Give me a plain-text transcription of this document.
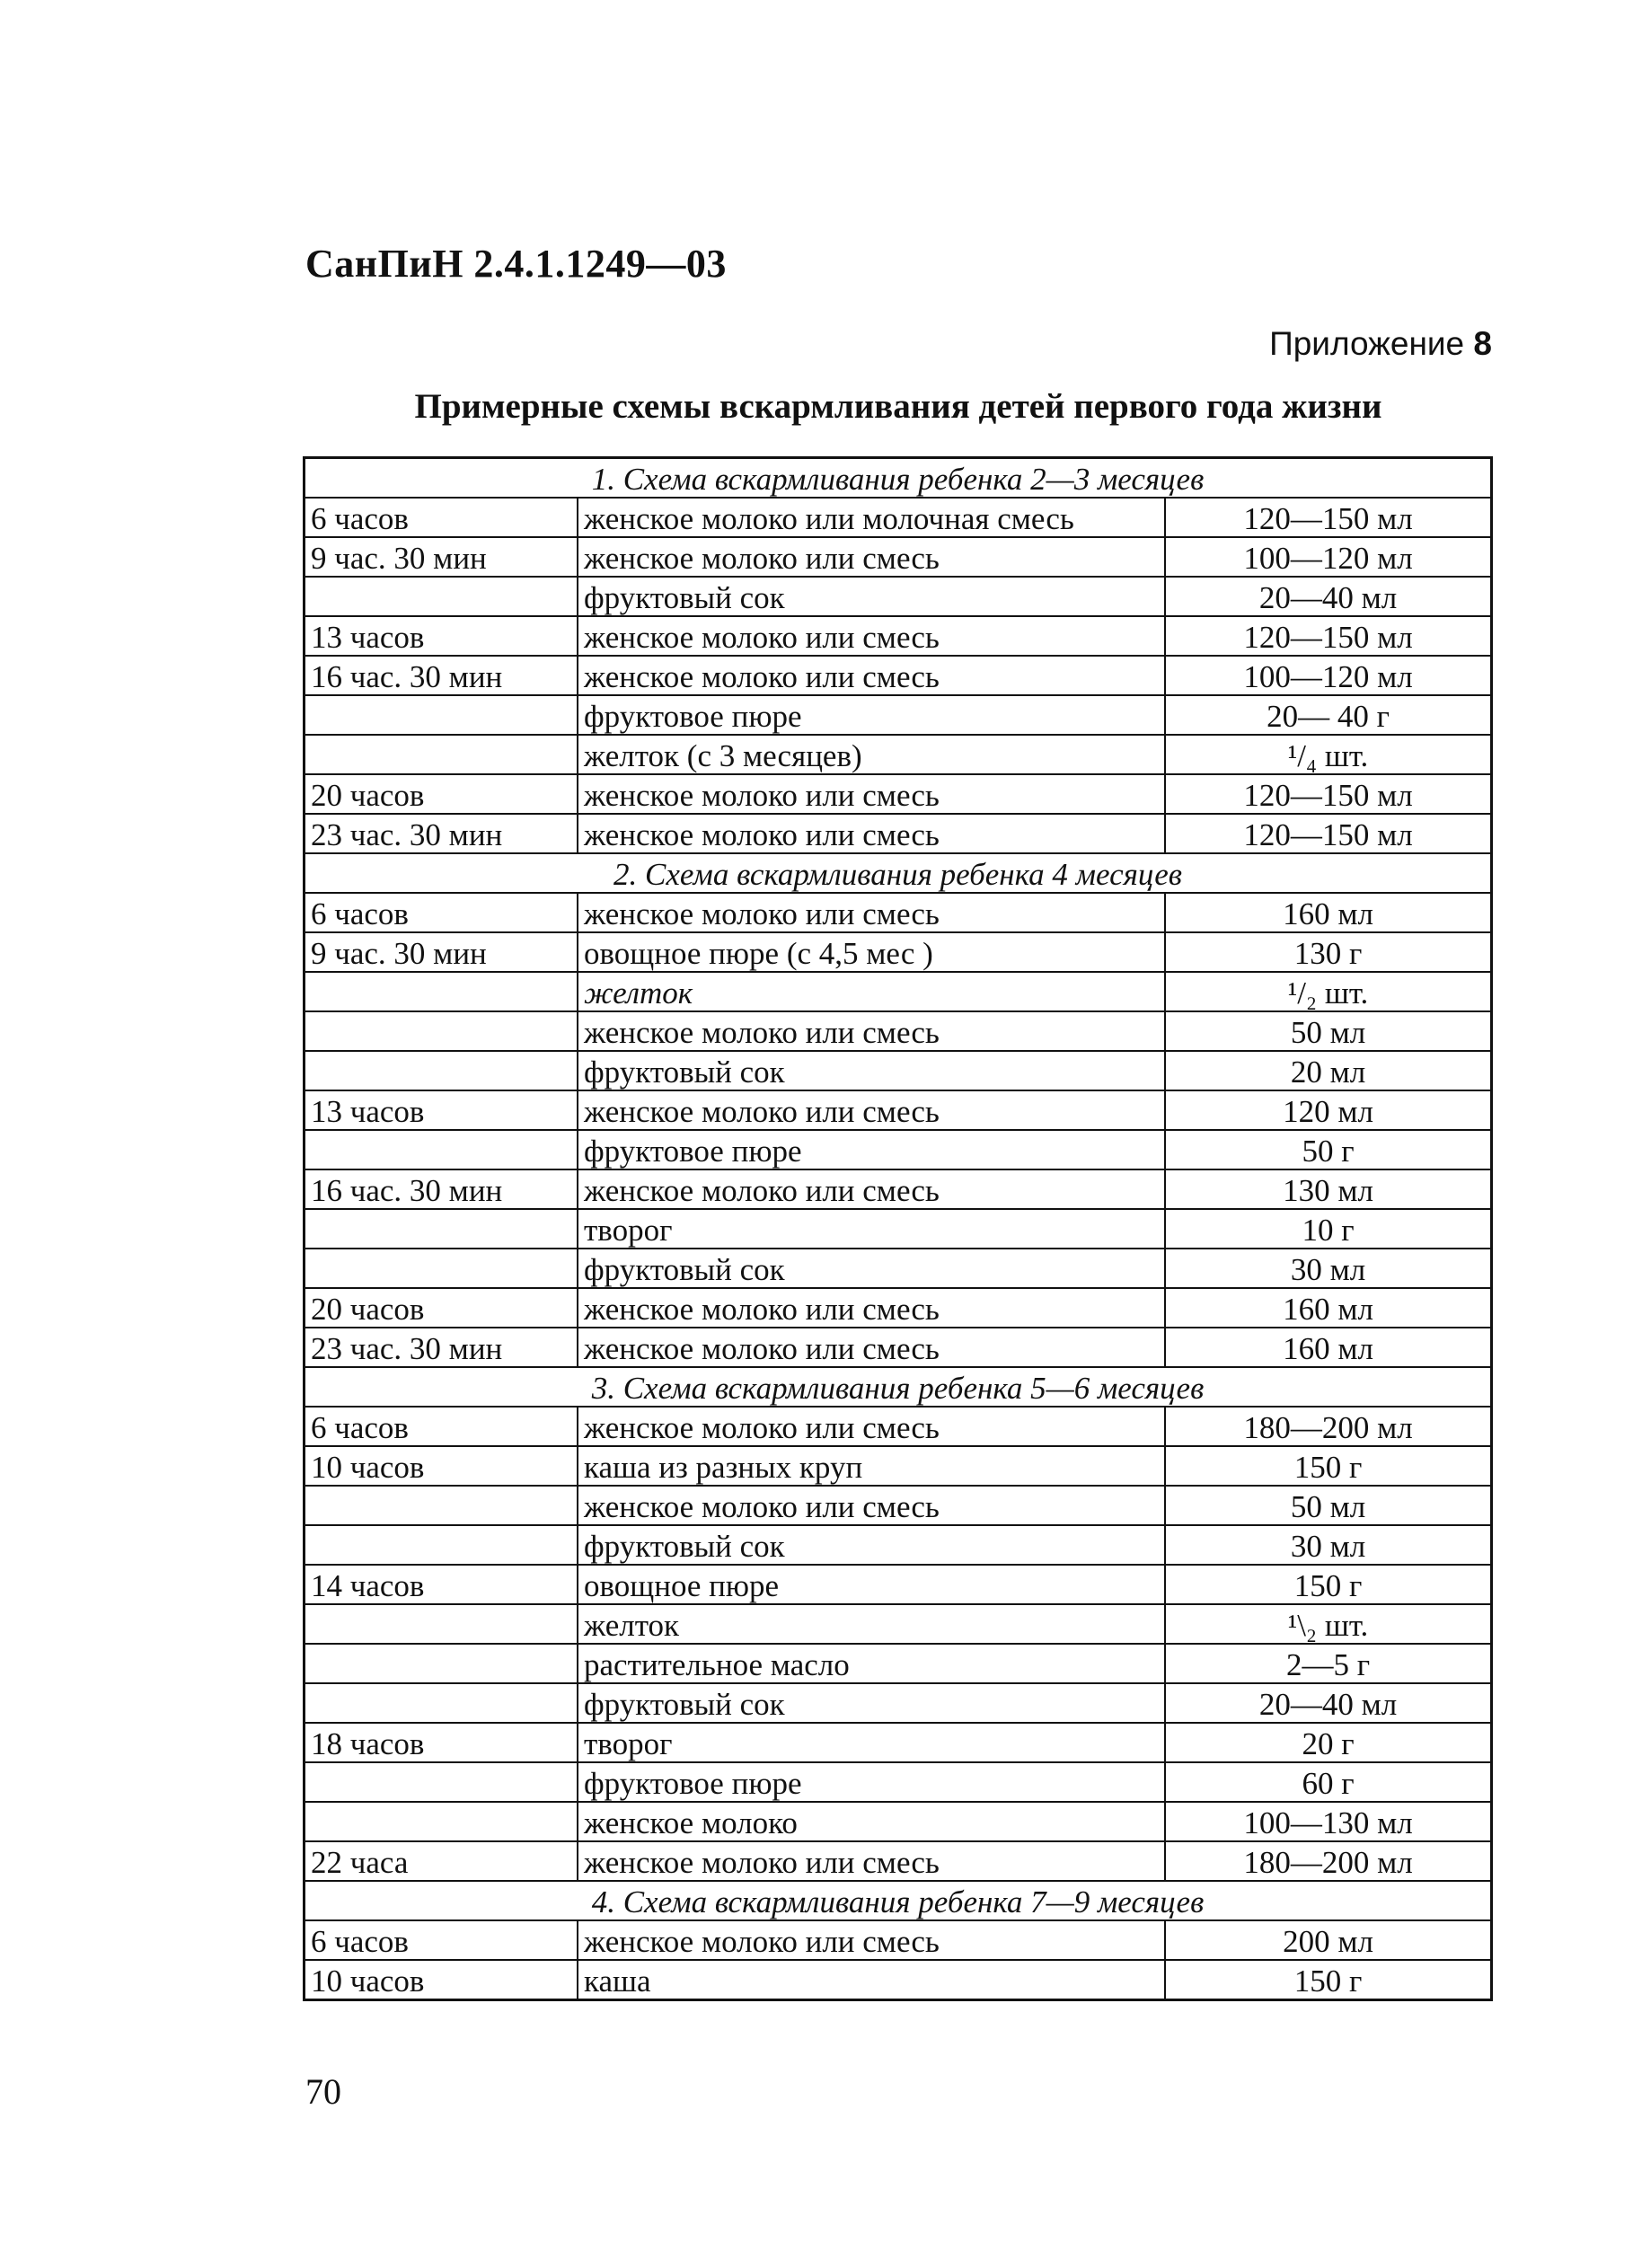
СанПиН 2.4.1.1249—03
Приложение 8
Примерные схемы вскармливания детей первого года жизни
1. Схема вскармливания ребенка 2—3 месяцев		
6 часов	женское молоко или молочная смесь	120—150 мл
9 час. 30 мин	женское молоко или смесь	100—120 мл
	фруктовый сок	20—40 мл
13 часов	женское молоко или смесь	120—150 мл
16 час. 30 мин	женское молоко или смесь	100—120 мл
	фруктовое пюре	20— 40 г
	желток (с 3 месяцев)	¹/₄ шт.
20 часов	женское молоко или смесь	120—150 мл
23 час. 30 мин	женское молоко или смесь	120—150 мл
2. Схема вскармливания ребенка 4 месяцев		
6 часов	женское молоко или смесь	160 мл
9 час. 30 мин	овощное пюре (с 4,5 мес )	130 г
	желток	¹/₂ шт.
	женское молоко или смесь	50 мл
	фруктовый сок	20 мл
13 часов	женское молоко или смесь	120 мл
	фруктовое пюре	50 г
16 час. 30 мин	женское молоко или смесь	130 мл
	творог	10 г
	фруктовый сок	30 мл
20 часов	женское молоко или смесь	160 мл
23 час. 30 мин	женское молоко или смесь	160 мл
3. Схема вскармливания ребенка 5—6 месяцев		
6 часов	женское молоко или смесь	180—200 мл
10 часов	каша из разных круп	150 г
	женское молоко или смесь	50 мл
	фруктовый сок	30 мл
14 часов	овощное пюре	150 г
	желток	¹\₂ шт.
	растительное масло	2—5 г
	фруктовый сок	20—40 мл
18 часов	творог	20 г
	фруктовое пюре	60 г
	женское молоко	100—130 мл
22 часа	женское молоко или смесь	180—200 мл
4. Схема вскармливания ребенка 7—9 месяцев		
6 часов	женское молоко или смесь	200 мл
10 часов	каша	150 г
70
